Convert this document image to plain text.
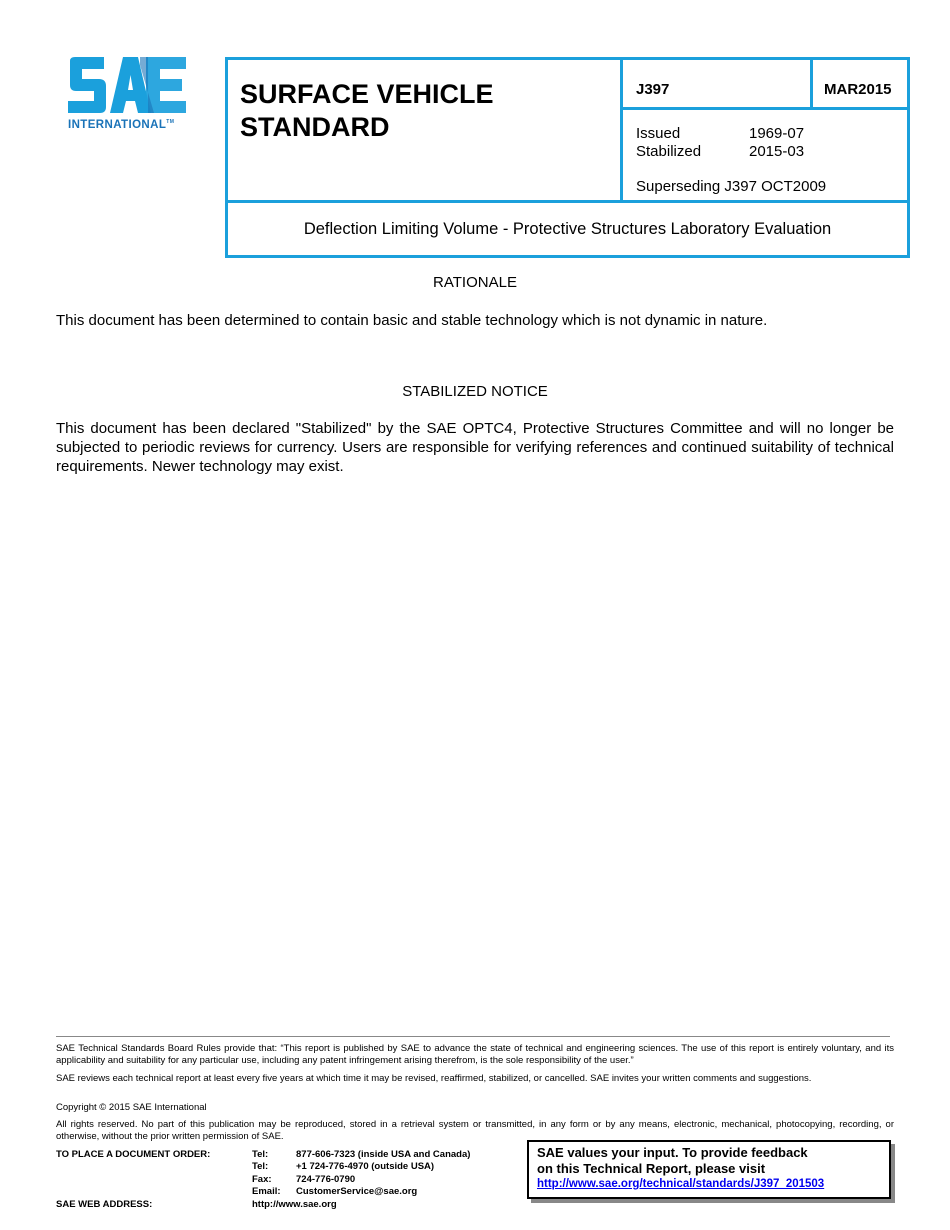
INTERNATIONAL™
SURFACE VEHICLE
STANDARD
J397	MAR2015
Issued	1969-07
Stabilized	2015-03
Superseding J397 OCT2009
Deflection Limiting Volume - Protective Structures Laboratory Evaluation
RATIONALE
This document has been determined to contain basic and stable technology which is not dynamic in nature.
STABILIZED NOTICE
This document has been declared "Stabilized" by the SAE OPTC4, Protective Structures Committee and will no longer be subjected to periodic reviews for currency. Users are responsible for verifying references and continued suitability of technical requirements. Newer technology may exist.
SAE Technical Standards Board Rules provide that: “This report is published by SAE to advance the state of technical and engineering sciences. The use of this report is entirely voluntary, and its applicability and suitability for any particular use, including any patent infringement arising therefrom, is the sole responsibility of the user.”
SAE reviews each technical report at least every five years at which time it may be revised, reaffirmed, stabilized, or cancelled. SAE invites your written comments and suggestions.
Copyright © 2015 SAE International
All rights reserved. No part of this publication may be reproduced, stored in a retrieval system or transmitted, in any form or by any means, electronic, mechanical, photocopying, recording, or otherwise, without the prior written permission of SAE.
TO PLACE A DOCUMENT ORDER:	Tel:	877-606-7323 (inside USA and Canada)
Tel:	+1 724-776-4970 (outside USA)
Fax:	724-776-0790
Email: CustomerService@sae.org
SAE WEB ADDRESS:	http://www.sae.org
SAE values your input. To provide feedback
on this Technical Report, please visit
http://www.sae.org/technical/standards/J397_201503
